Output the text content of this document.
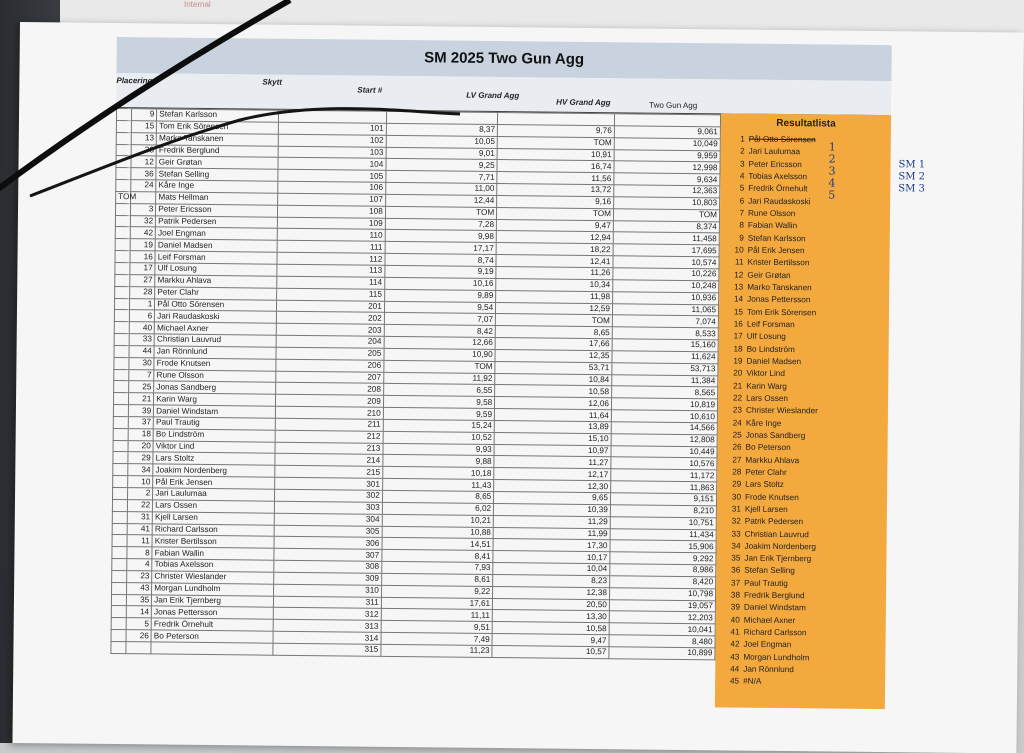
Internal
SM 2025 Two Gun Agg
Placering	Skytt
Start #
LV Grand Agg
HV Grand Agg	Two Gun Agg
	9	Stefan Karlsson				
	15	Tom Erik Sörensen	101	8,37	9,76	9,061
	13	Marko Tanskanen	102	10,05	TOM	10,049
	38	Fredrik Berglund	103	9,01	10,91	9,959
	12	Geir Grøtan	104	9,25	16,74	12,998
	36	Stefan Selling	105	7,71	11,56	9,634
	24	Kåre Inge	106	11,00	13,72	12,363
TOM		Mats Hellman	107	12,44	9,16	10,803
	3	Peter Ericsson	108	TOM	TOM	TOM
	32	Patrik Pedersen	109	7,28	9,47	8,374
	42	Joel Engman	110	9,98	12,94	11,458
	19	Daniel Madsen	111	17,17	18,22	17,695
	16	Leif Forsman	112	8,74	12,41	10,574
	17	Ulf Losung	113	9,19	11,26	10,226
	27	Markku Ahlava	114	10,16	10,34	10,248
	28	Peter Clahr	115	9,89	11,98	10,936
	1	Pål Otto Sörensen	201	9,54	12,59	11,065
	6	Jari Raudaskoski	202	7,07	TOM	7,074
	40	Michael Axner	203	8,42	8,65	8,533
	33	Christian Lauvrud	204	12,66	17,66	15,160
	44	Jan Rönnlund	205	10,90	12,35	11,624
	30	Frode Knutsen	206	TOM	53,71	53,713
	7	Rune Olsson	207	11,92	10,84	11,384
	25	Jonas Sandberg	208	6,55	10,58	8,565
	21	Karin Warg	209	9,58	12,06	10,819
	39	Daniel Windstam	210	9,59	11,64	10,610
	37	Paul Trautig	211	15,24	13,89	14,566
	18	Bo Lindström	212	10,52	15,10	12,808
	20	Viktor Lind	213	9,93	10,97	10,449
	29	Lars Stoltz	214	9,88	11,27	10,576
	34	Joakim Nordenberg	215	10,18	12,17	11,172
	10	Pål Erik Jensen	301	11,43	12,30	11,863
	2	Jari Laulumaa	302	8,65	9,65	9,151
	22	Lars Ossen	303	6,02	10,39	8,210
	31	Kjell Larsen	304	10,21	11,29	10,751
	41	Richard Carlsson	305	10,88	11,99	11,434
	11	Krister Bertilsson	306	14,51	17,30	15,906
	8	Fabian Wallin	307	8,41	10,17	9,292
	4	Tobias Axelsson	308	7,93	10,04	8,986
	23	Christer Wieslander	309	8,61	8,23	8,420
	43	Morgan Lundholm	310	9,22	12,38	10,798
	35	Jan Erik Tjernberg	311	17,61	20,50	19,057
	14	Jonas Pettersson	312	11,11	13,30	12,203
	5	Fredrik Örnehult	313	9,51	10,58	10,041
	26	Bo Peterson	314	7,49	9,47	8,480
			315	11,23	10,57	10,899
Resultatlista
1 Pål Otto Sörensen
2 Jari Laulumaa
3 Peter Ericsson
4 Tobias Axelsson
5 Fredrik Örnehult
6 Jari Raudaskoski
7 Rune Olsson
8 Fabian Wallin
9 Stefan Karlsson
10 Pål Erik Jensen
11 Krister Bertilsson
12 Geir Grøtan
13 Marko Tanskanen
14 Jonas Pettersson
15 Tom Erik Sörensen
16 Leif Forsman
17 Ulf Losung
18 Bo Lindström
19 Daniel Madsen
20 Viktor Lind
21 Karin Warg
22 Lars Ossen
23 Christer Wieslander
24 Kåre Inge
25 Jonas Sandberg
26 Bo Peterson
27 Markku Ahlava
28 Peter Clahr
29 Lars Stoltz
30 Frode Knutsen
31 Kjell Larsen
32 Patrik Pedersen
33 Christian Lauvrud
34 Joakim Nordenberg
35 Jan Erik Tjernberg
36 Stefan Selling
37 Paul Trautig
38 Fredrik Berglund
39 Daniel Windstam
40 Michael Axner
41 Richard Carlsson
42 Joel Engman
43 Morgan Lundholm
44 Jan Rönnlund
45 #N/A
1
2
3
4
5
SM 1
SM 2
SM 3
